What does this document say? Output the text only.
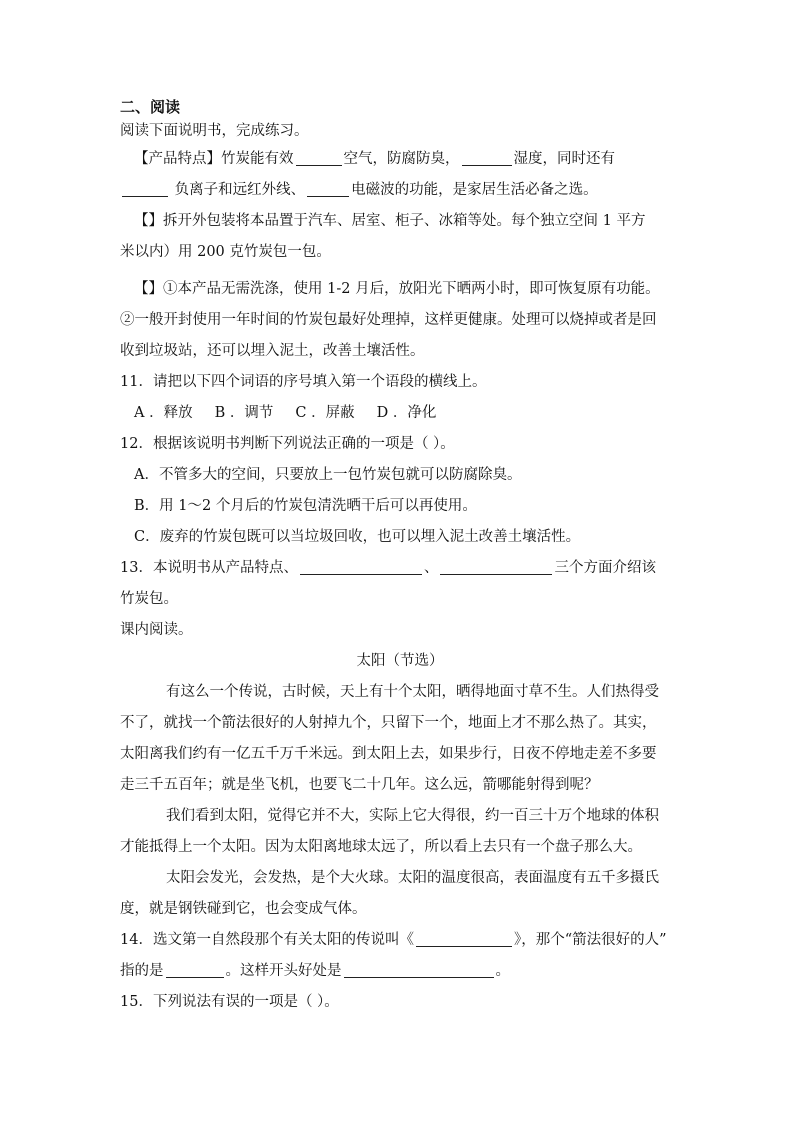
二、阅读
阅读下面说明书，完成练习。
【产品特点】竹炭能有效	空气，防腐防臭，	湿度，同时还有
负离子和远红外线、	电磁波的功能，是家居生活必备之选。
【】拆开外包装将本品置于汽车、居室、柜子、冰箱等处。每个独立空间 1 平方
米以内）用 200 克竹炭包一包。
【】①本产品无需洗涤，使用 1-2 月后，放阳光下晒两小时，即可恢复原有功能。
②一般开封使用一年时间的竹炭包最好处理掉，这样更健康。处理可以烧掉或者是回
收到垃圾站，还可以埋入泥土，改善土壤活性。
11．请把以下四个词语的序号填入第一个语段的横线上。
A ．释放 B ．调节 C ．屏蔽 D ．净化
12．根据该说明书判断下列说法正确的一项是（ ）。
A．不管多大的空间，只要放上一包竹炭包就可以防腐除臭。
B．用 1～2 个月后的竹炭包清洗晒干后可以再使用。
C．废弃的竹炭包既可以当垃圾回收，也可以埋入泥土改善土壤活性。
13．本说明书从产品特点、	、	三个方面介绍该
竹炭包。
课内阅读。
太阳（节选）
有这么一个传说，古时候，天上有十个太阳，晒得地面寸草不生。人们热得受
不了，就找一个箭法很好的人射掉九个，只留下一个，地面上才不那么热了。其实，
太阳离我们约有一亿五千万千米远。到太阳上去，如果步行，日夜不停地走差不多要
走三千五百年；就是坐飞机，也要飞二十几年。这么远，箭哪能射得到呢？
我们看到太阳，觉得它并不大，实际上它大得很，约一百三十万个地球的体积
才能抵得上一个太阳。因为太阳离地球太远了，所以看上去只有一个盘子那么大。
太阳会发光，会发热，是个大火球。太阳的温度很高，表面温度有五千多摄氏
度，就是钢铁碰到它，也会变成气体。
14．选文第一自然段那个有关太阳的传说叫《	》，那个“箭法很好的人”
指的是	。这样开头好处是	。
15．下列说法有误的一项是（ ）。
